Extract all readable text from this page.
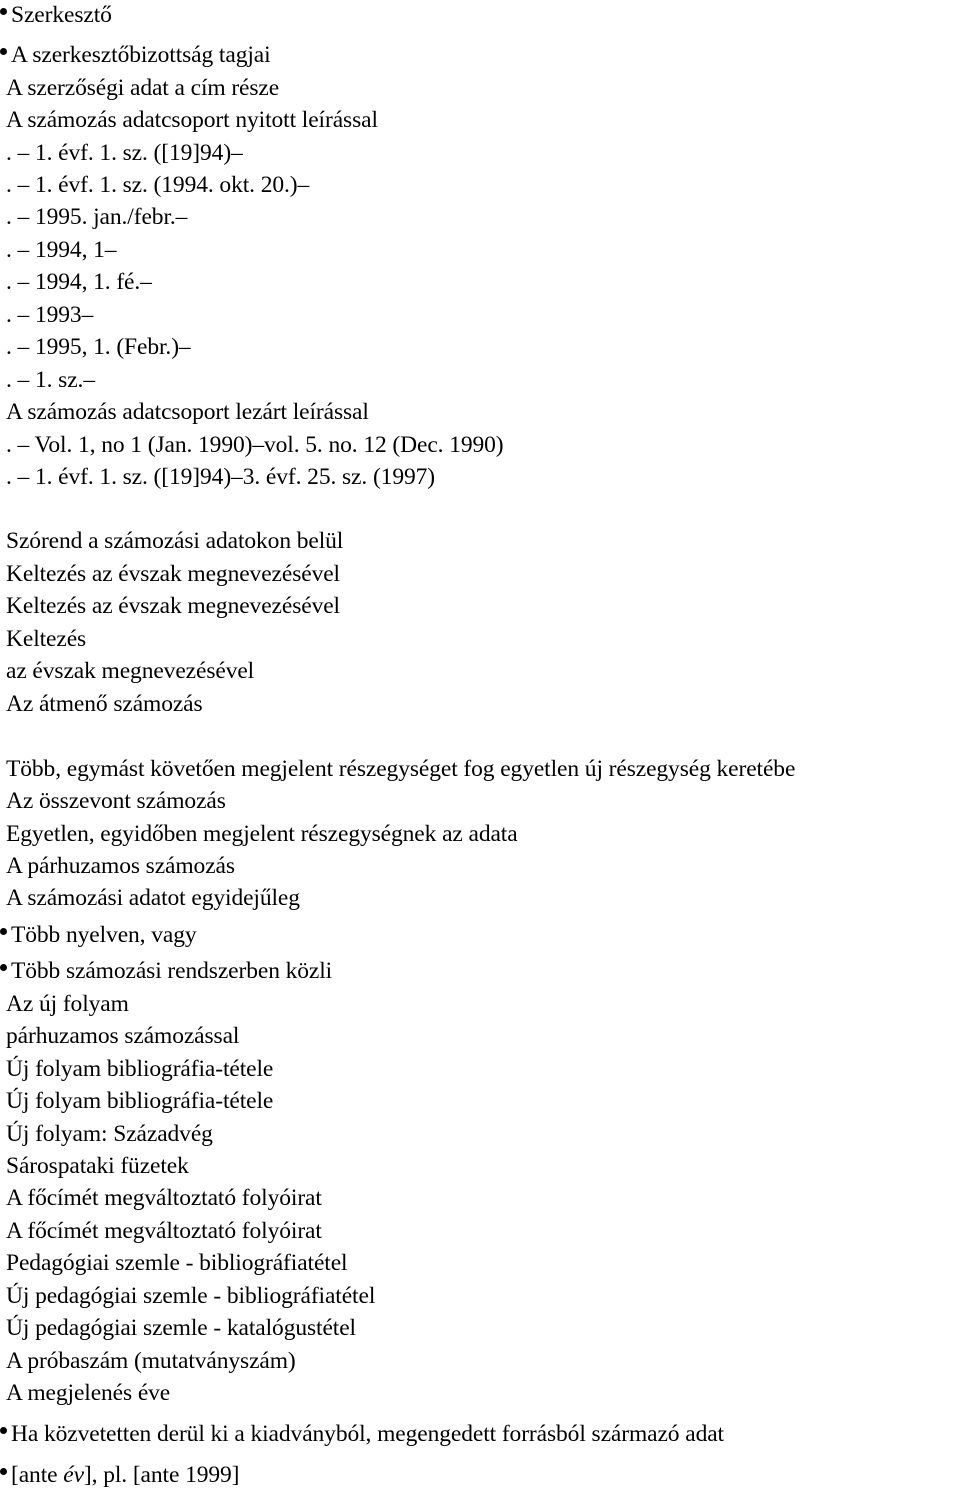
Szerkesztő
A szerkesztőbizottság tagjai
A szerzőségi adat a cím része
A számozás adatcsoport nyitott leírással
. – 1. évf. 1. sz. ([19]94)–
. – 1. évf. 1. sz. (1994. okt. 20.)–
. – 1995. jan./febr.–
. – 1994, 1–
. – 1994, 1. fé.–
. – 1993–
. – 1995, 1. (Febr.)–
. – 1. sz.–
A számozás adatcsoport lezárt leírással
. – Vol. 1, no 1 (Jan. 1990)–vol. 5. no. 12 (Dec. 1990)
. – 1. évf. 1. sz. ([19]94)–3. évf. 25. sz. (1997)
Szórend a számozási adatokon belül
Keltezés az évszak megnevezésével
Keltezés az évszak megnevezésével
Keltezés
az évszak megnevezésével
Az átmenő számozás
Több, egymást követően megjelent részegységet fog egyetlen új részegység keretébe
Az összevont számozás
Egyetlen, egyidőben megjelent részegységnek az adata
A párhuzamos számozás
A számozási adatot egyidejűleg
Több nyelven, vagy
Több számozási rendszerben közli
Az új folyam
párhuzamos számozással
Új folyam bibliográfia-tétele
Új folyam bibliográfia-tétele
Új folyam: Századvég
Sárospataki füzetek
A főcímét megváltoztató folyóirat
A főcímét megváltoztató folyóirat
Pedagógiai szemle - bibliográfiatétel
Új pedagógiai szemle - bibliográfiatétel
Új pedagógiai szemle - katalógustétel
A próbaszám (mutatványszám)
A megjelenés éve
Ha közvetetten derül ki a kiadványból, megengedett forrásból származó adat
[ante év], pl. [ante 1999]
